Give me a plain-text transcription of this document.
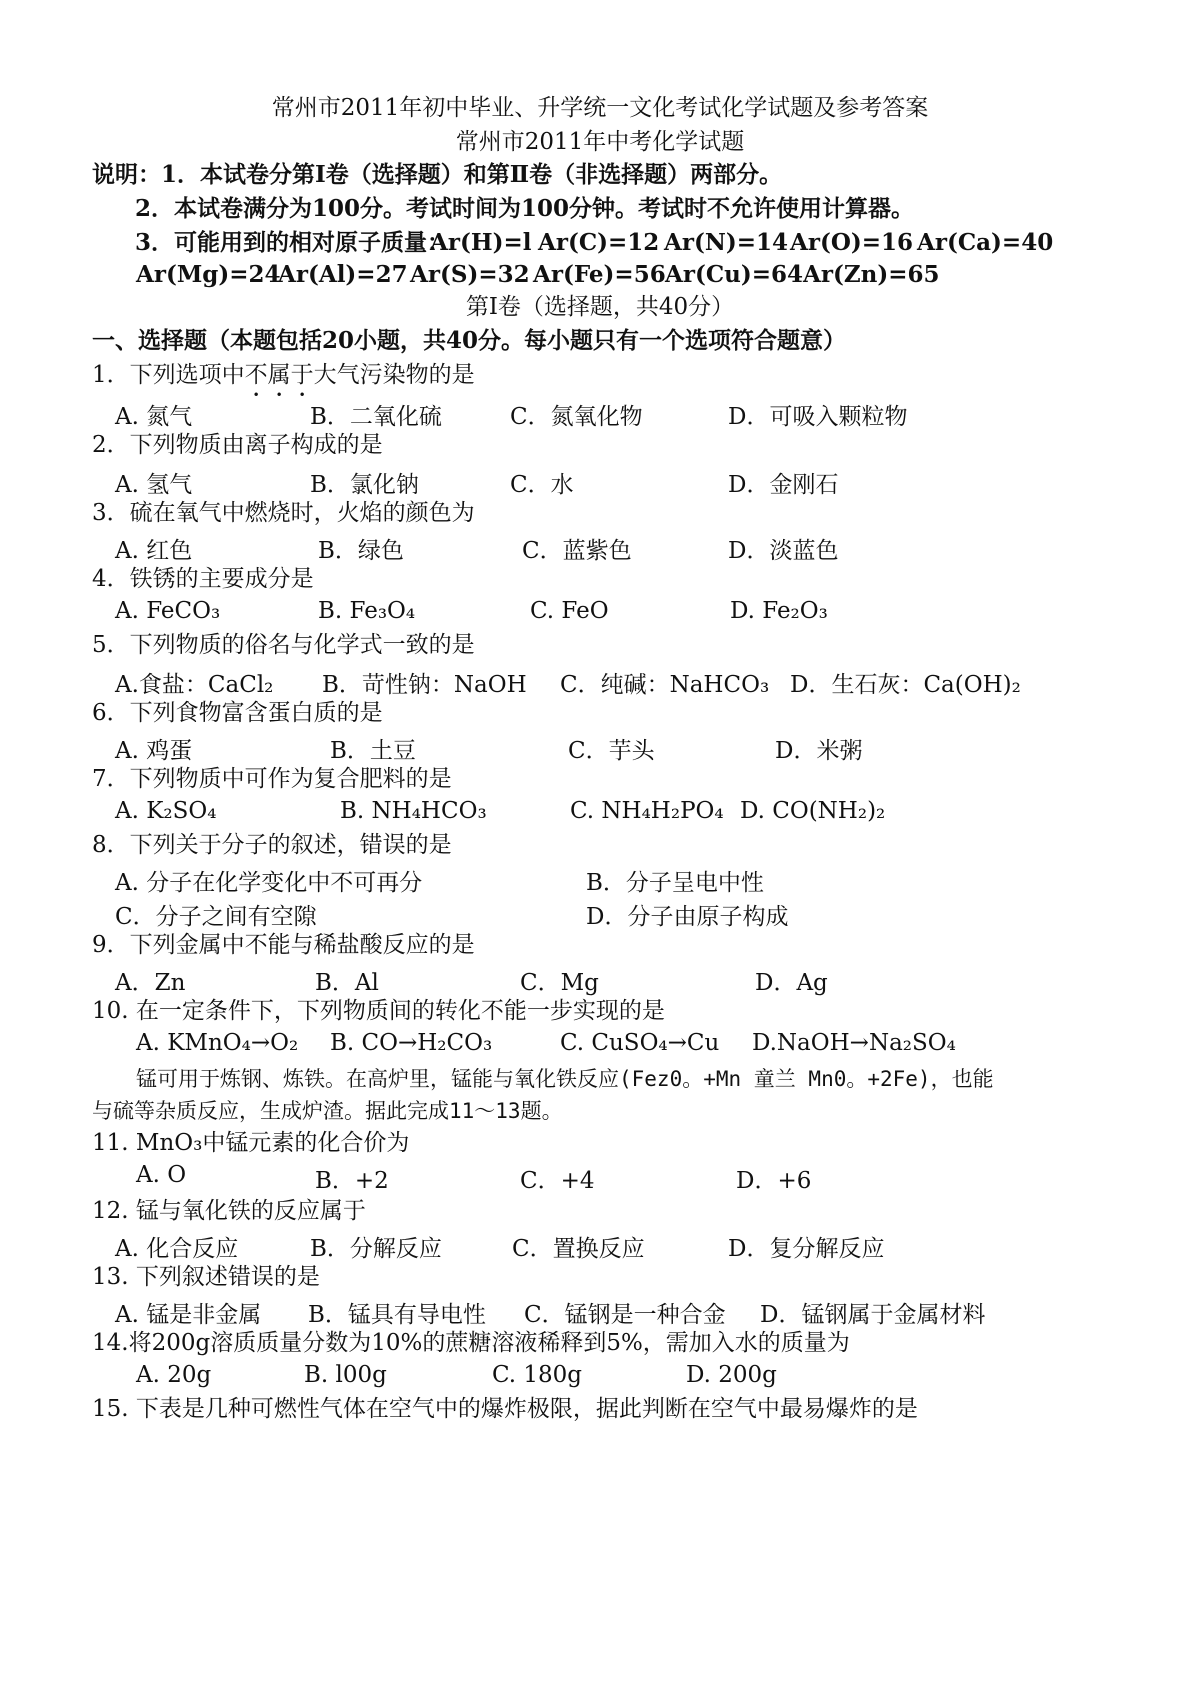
常州市2011年初中毕业、升学统一文化考试化学试题及参考答案
常州市2011年中考化学试题
说明：1．本试卷分第Ⅰ卷（选择题）和第Ⅱ卷（非选择题）两部分。
2．本试卷满分为100分。考试时间为100分钟。考试时不允许使用计算器。
3．可能用到的相对原子质量：
Ar(H)=l Ar(C)=12 Ar(N)=14 Ar(O)=16 Ar(Ca)=40
Ar(Mg)=24
Ar(Al)=27 Ar(S)=32 Ar(Fe)=56 Ar(Cu)=64 Ar(Zn)=65
第Ⅰ卷（选择题，共40分）
一、选择题（本题包括20小题，共40分。每小题只有一个选项符合题意）
1．下列选项中不属于大气污染物的是
A. 氮气	B．二氧化硫	C．氮氧化物	D．可吸入颗粒物
2．下列物质由离子构成的是
A. 氢气	B．氯化钠	C．水	D．金刚石
3．硫在氧气中燃烧时，火焰的颜色为
A. 红色	B．绿色	C．蓝紫色	D．淡蓝色
4．铁锈的主要成分是
A. FeCO₃	B. Fe₃O₄	C. FeO	D. Fe₂O₃
5．下列物质的俗名与化学式一致的是
A.食盐：CaCl₂ B．苛性钠：NaOH C．纯碱：NaHCO₃ D．生石灰：Ca(OH)₂
6．下列食物富含蛋白质的是
A. 鸡蛋	B．土豆	C．芋头	D．米粥
7．下列物质中可作为复合肥料的是
A. K₂SO₄	B. NH₄HCO₃	C. NH₄H₂PO₄ D. CO(NH₂)₂
8．下列关于分子的叙述，错误的是
A. 分子在化学变化中不可再分	B．分子呈电中性
C．分子之间有空隙	D．分子由原子构成
9．下列金属中不能与稀盐酸反应的是
A．Zn	B．Al	C．Mg	D．Ag
10. 在一定条件下，下列物质间的转化不能一步实现的是
A. KMnO₄→O₂ B. CO→H₂CO₃	C. CuSO₄→Cu D.NaOH→Na₂SO₄
锰可用于炼钢、炼铁。在高炉里，锰能与氧化铁反应(Fez0。+Mn 童兰 Mn0。+2Fe)，也能
与硫等杂质反应，生成炉渣。据此完成11～13题。
11. MnO₃中锰元素的化合价为
A. O	B．+2	C．+4	D．+6
12. 锰与氧化铁的反应属于
A. 化合反应	B．分解反应	C．置换反应	D．复分解反应
13. 下列叙述错误的是
A. 锰是非金属 B．锰具有导电性 C．锰钢是一种合金 D．锰钢属于金属材料
14.将200g溶质质量分数为10%的蔗糖溶液稀释到5%，需加入水的质量为
A. 20g	B. l00g	C. 180g	D. 200g
15. 下表是几种可燃性气体在空气中的爆炸极限，据此判断在空气中最易爆炸的是
